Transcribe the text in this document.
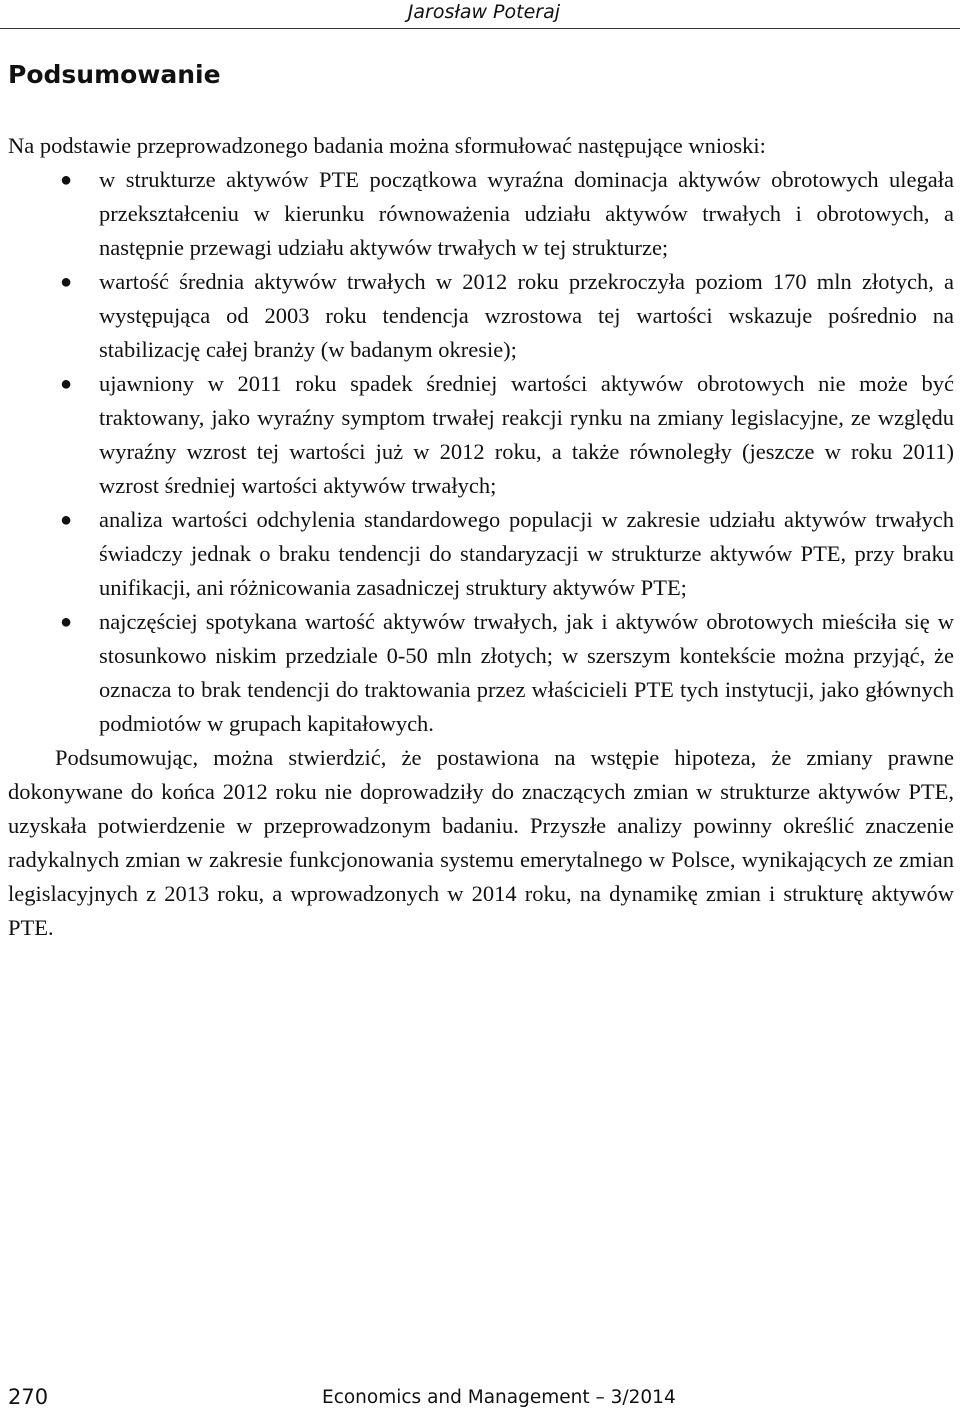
Jarosław Poteraj
Podsumowanie

Na podstawie przeprowadzonego badania można sformułować następujące wnioski:

● w strukturze aktywów PTE początkowa wyraźna dominacja aktywów obrotowych ulegała przekształceniu w kierunku równoważenia udziału aktywów trwałych i obrotowych, a następnie przewagi udziału aktywów trwałych w tej strukturze;
● wartość średnia aktywów trwałych w 2012 roku przekroczyła poziom 170 mln złotych, a występująca od 2003 roku tendencja wzrostowa tej wartości wskazuje pośrednio na stabilizację całej branży (w badanym okresie);
● ujawniony w 2011 roku spadek średniej wartości aktywów obrotowych nie może być traktowany, jako wyraźny symptom trwałej reakcji rynku na zmiany legislacyjne, ze względu wyraźny wzrost tej wartości już w 2012 roku, a także równoległy (jeszcze w roku 2011) wzrost średniej wartości aktywów trwałych;
● analiza wartości odchylenia standardowego populacji w zakresie udziału aktywów trwałych świadczy jednak o braku tendencji do standaryzacji w strukturze aktywów PTE, przy braku unifikacji, ani różnicowania zasadniczej struktury aktywów PTE;
● najczęściej spotykana wartość aktywów trwałych, jak i aktywów obrotowych mieściła się w stosunkowo niskim przedziale 0-50 mln złotych; w szerszym kontekście można przyjąć, że oznacza to brak tendencji do traktowania przez właścicieli PTE tych instytucji, jako głównych podmiotów w grupach kapitałowych.

Podsumowując, można stwierdzić, że postawiona na wstępie hipoteza, że zmiany prawne dokonywane do końca 2012 roku nie doprowadziły do znaczących zmian w strukturze aktywów PTE, uzyskała potwierdzenie w przeprowadzonym badaniu. Przyszłe analizy powinny określić znaczenie radykalnych zmian w zakresie funkcjonowania systemu emerytalnego w Polsce, wynikających ze zmian legislacyjnych z 2013 roku, a wprowadzonych w 2014 roku, na dynamikę zmian i strukturę aktywów PTE.

270	Economics and Management – 3/2014
